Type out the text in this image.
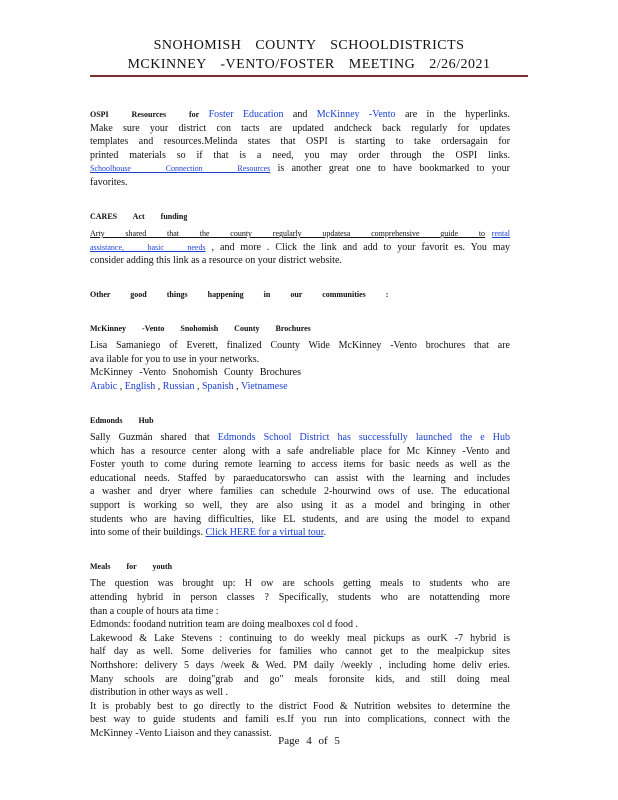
SNOHOMISH COUNTY SCHOOLDISTRICTS
MCKINNEY -VENTO/FOSTER MEETING 2/26/2021
OSPI Resources for Foster Education and McKinney -Vento are in the hyperlinks.
Make sure your district con tacts are updated andcheck back regularly for updates
templates and resources.Melinda states that OSPI is starting to take ordersagain for
printed materials so if that is a need, you may order through the OSPI links.
Schoolhouse Connection Resources is another great one to have bookmarked to your
favorites.
CARES Act funding
Arty shared that the county regularly updatesa comprehensive guide to rental
assistance, basic needs , and more . Click the link and add to your favorit es. You may
consider adding this link as a resource on your district website.
Other good things happening in our communities :
McKinney -Vento Snohomish County Brochures
Lisa Samaniego of Everett, finalized County Wide McKinney -Vento brochures that are
ava ilable for you to use in your networks.
McKinney -Vento Snohomish County Brochures
Arabic , English , Russian , Spanish , Vietnamese
Edmonds Hub
Sally Guzmán shared that Edmonds School District has successfully launched the e Hub
which has a resource center along with a safe andreliable place for Mc Kinney -Vento and
Foster youth to come during remote learning to access items for basic needs as well as the
educational needs. Staffed by paraeducatorswho can assist with the learning and includes
a washer and dryer where families can schedule 2-hourwind ows of use. The educational
support is working so well, they are also using it as a model and bringing in other
students who are having difficulties, like EL students, and are using the model to expand
into some of their buildings. Click HERE for a virtual tour.
Meals for youth
The question was brought up: H ow are schools getting meals to students who are
attending hybrid in person classes ? Specifically, students who are notattending more
than a couple of hours ata time :
Edmonds: foodand nutrition team are doing mealboxes col d food .
Lakewood & Lake Stevens : continuing to do weekly meal pickups as ourK -7 hybrid is
half day as well. Some deliveries for families who cannot get to the mealpickup sites
Northshore: delivery 5 days /week & Wed. PM daily /weekly , including home deliv eries.
Many schools are doing"grab and go" meals foronsite kids, and still doing meal
distribution in other ways as well .
It is probably best to go directly to the district Food & Nutrition websites to determine the
best way to guide students and famili es.If you run into complications, connect with the
McKinney -Vento Liaison and they canassist.
Page 4 of 5
